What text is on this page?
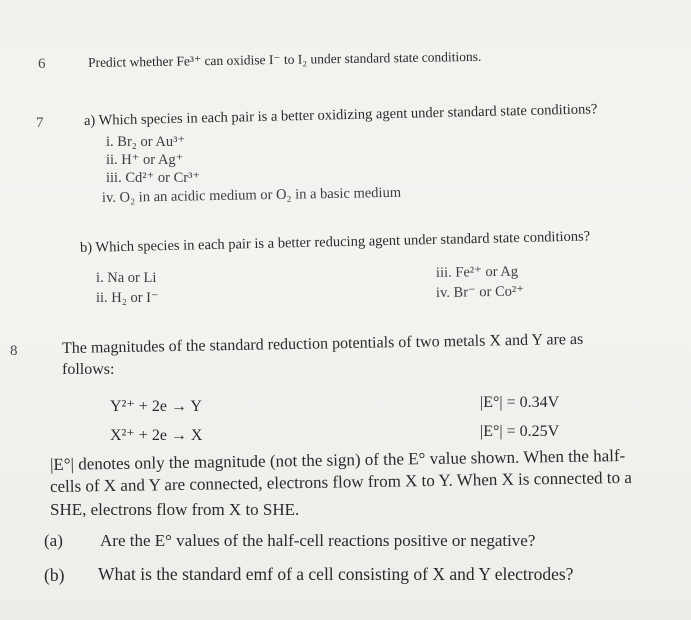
6	Predict whether Fe³⁺ can oxidise I⁻ to I₂ under standard state conditions.
7	a) Which species in each pair is a better oxidizing agent under standard state conditions?
i. Br₂ or Au³⁺
ii. H⁺ or Ag⁺
iii. Cd²⁺ or Cr³⁺
iv. O₂ in an acidic medium or O₂ in a basic medium
b) Which species in each pair is a better reducing agent under standard state conditions?
i. Na or Li
ii. H₂ or I⁻
iii. Fe²⁺ or Ag
iv. Br⁻ or Co²⁺
8	The magnitudes of the standard reduction potentials of two metals X and Y are as
follows:
Y²⁺ + 2e → Y	|E°| = 0.34V
X²⁺ + 2e → X	|E°| = 0.25V
|E°| denotes only the magnitude (not the sign) of the E° value shown. When the half-
cells of X and Y are connected, electrons flow from X to Y. When X is connected to a
SHE, electrons flow from X to SHE.
(a) Are the E° values of the half-cell reactions positive or negative?
(b) What is the standard emf of a cell consisting of X and Y electrodes?
